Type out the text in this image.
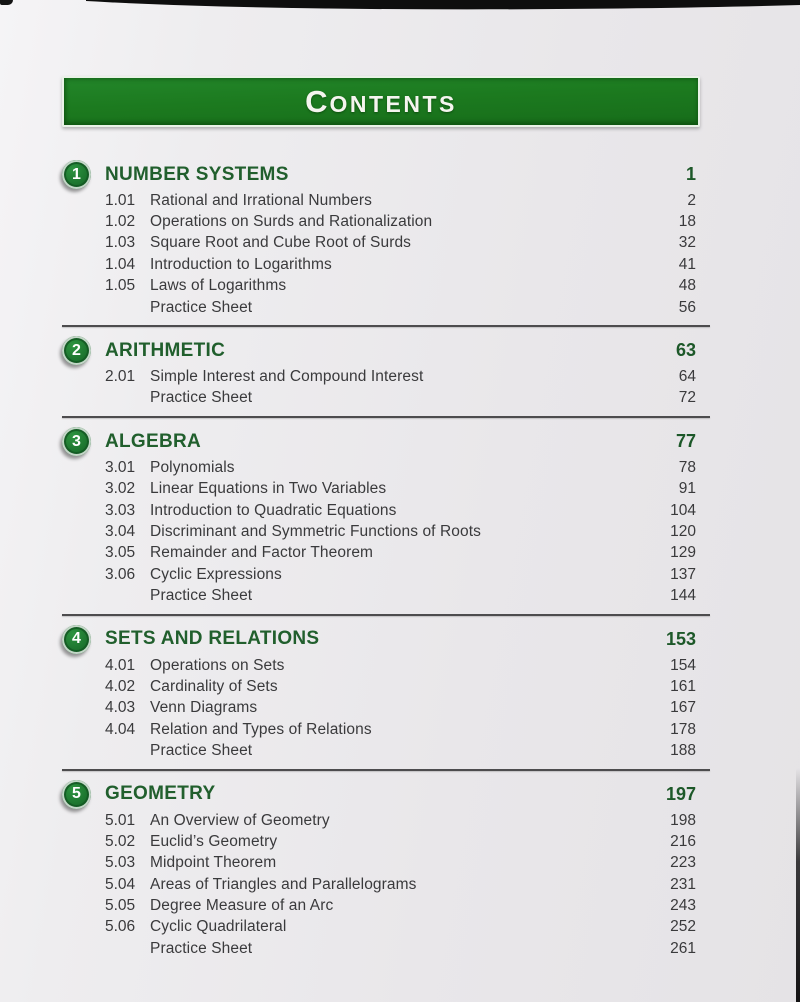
C ONTENTS
1 NUMBER SYSTEMS	1
1.01 Rational and Irrational Numbers	2
1.02 Operations on Surds and Rationalization	18
1.03 Square Root and Cube Root of Surds	32
1.04 Introduction to Logarithms	41
1.05 Laws of Logarithms	48
Practice Sheet	56
2 ARITHMETIC	63
2.01 Simple Interest and Compound Interest	64
Practice Sheet	72
3 ALGEBRA	77
3.01 Polynomials	78
3.02 Linear Equations in Two Variables	91
3.03 Introduction to Quadratic Equations	104
3.04 Discriminant and Symmetric Functions of Roots	120
3.05 Remainder and Factor Theorem	129
3.06 Cyclic Expressions	137
Practice Sheet	144
4 SETS AND RELATIONS	153
4.01 Operations on Sets	154
4.02 Cardinality of Sets	161
4.03 Venn Diagrams	167
4.04 Relation and Types of Relations	178
Practice Sheet	188
5 GEOMETRY	197
5.01 An Overview of Geometry	198
5.02 Euclid’s Geometry	216
5.03 Midpoint Theorem	223
5.04 Areas of Triangles and Parallelograms	231
5.05 Degree Measure of an Arc	243
5.06 Cyclic Quadrilateral	252
Practice Sheet	261
